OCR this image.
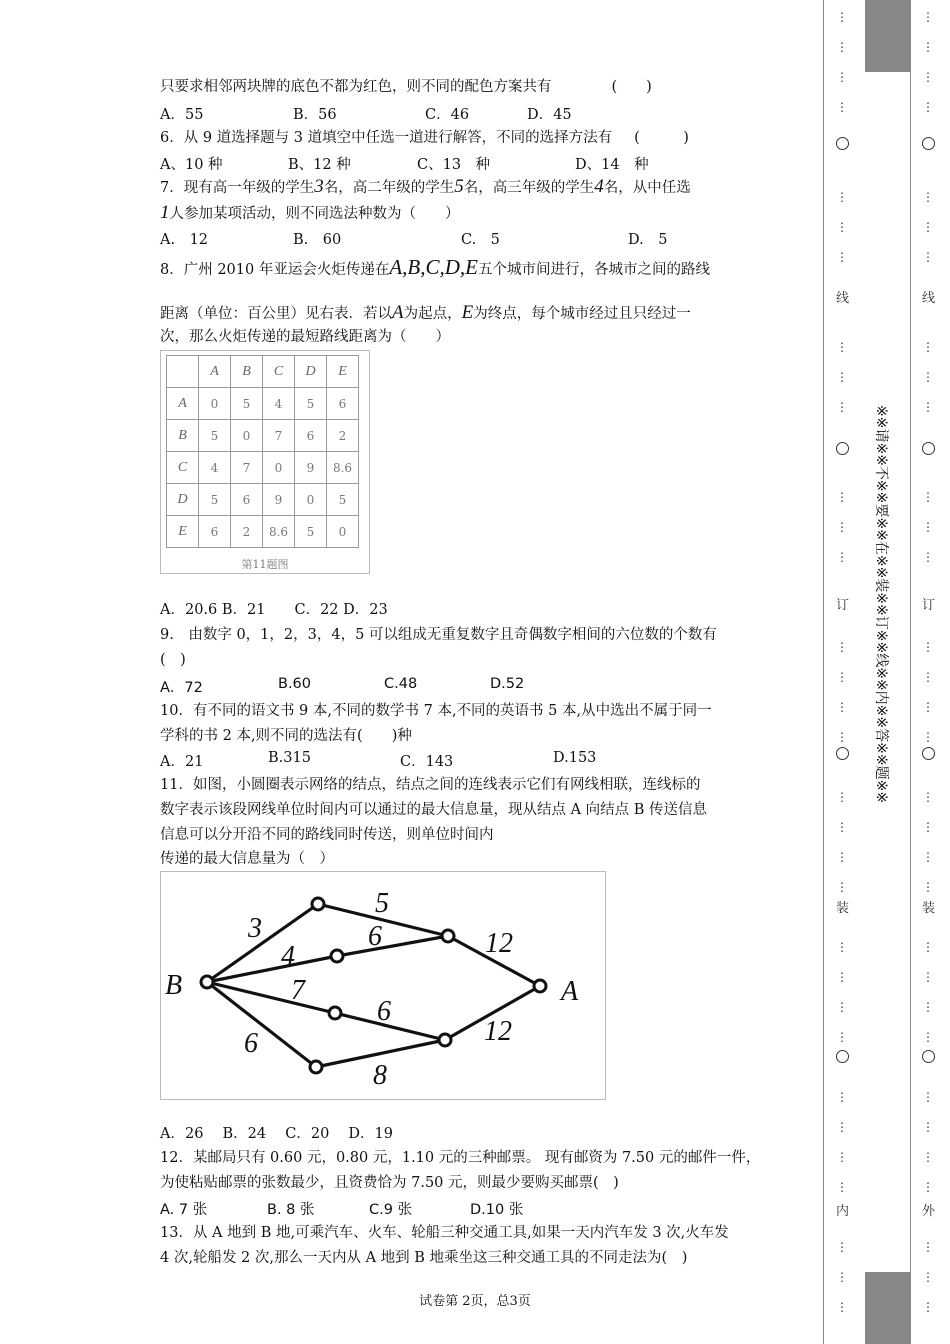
只要求相邻两块牌的底色不都为红色，则不同的配色方案共有	(　　)
A．55	B．56	C．46	D．45
6．从 9 道选择题与 3 道填空中任选一道进行解答，不同的选择方法有 (　　　)
A、10 种	B、12 种	C、13　种	D、14　种
7．现有高一年级的学生3名，高二年级的学生5名，高三年级的学生4名，从中任选
1人参加某项活动，则不同选法种数为（　　）
A.　12	B.　60	C.　5	D.　5
8．广州 2010 年亚运会火炬传递在A,B,C,D,E五个城市间进行，各城市之间的路线
距离（单位：百公里）见右表．若以A为起点，E为终点，每个城市经过且只经过一
次，那么火炬传递的最短路线距离为（　　）
	A	B	C	D	E
A	0	5	4	5	6
B	5	0	7	6	2
C	4	7	0	9	8.6
D	5	6	9	0	5
E	6	2	8.6	5	0
第11题图
A．20.6 B．21　　C．22 D．23
9.　由数字 0，1，2，3，4，5 可以组成无重复数字且奇偶数字相间的六位数的个数有
(　)
A．72	B.60	C.48	D.52
10．有不同的语文书 9 本,不同的数学书 7 本,不同的英语书 5 本,从中选出不属于同一
学科的书 2 本,则不同的选法有(　　)种
A．21	B.315	C．143	D.153
11．如图，小圆圈表示网络的结点，结点之间的连线表示它们有网线相联，连线标的
数字表示该段网线单位时间内可以通过的最大信息量，现从结点 A 向结点 B 传送信息
信息可以分开沿不同的路线同时传送，则单位时间内
传递的最大信息量为（　）
B	A
3
5
4
6	12
7
6
12
6
8
A．26　 B．24　 C．20　 D．19
12．某邮局只有 0.60 元，0.80 元，1.10 元的三种邮票。 现有邮资为 7.50 元的邮件一件，
为使粘贴邮票的张数最少，且资费恰为 7.50 元，则最少要购买邮票(　)
A. 7 张	B. 8 张	C.9 张	D.10 张
13．从 A 地到 B 地,可乘汽车、火车、轮船三种交通工具,如果一天内汽车发 3 次,火车发
4 次,轮船发 2 次,那么一天内从 A 地到 B 地乘坐这三种交通工具的不同走法为(　)
试卷第 2页，总3页
⋮
⋮
⋮
⋮
⋮
⋮
⋮
⋮
⋮
⋮
⋮
⋮
⋮
⋮
⋮
⋮
⋮
⋮
⋮
⋮
⋮
⋮
⋮
⋮
⋮
⋮
⋮
⋮
⋮
⋮
⋮
⋮
⋮
⋮
⋮
⋮
⋮
⋮
⋮
⋮
⋮
⋮
⋮
⋮
⋮
⋮
⋮
⋮
⋮
⋮
⋮
⋮
⋮
⋮
⋮
⋮
⋮
⋮
⋮
⋮
⋮
⋮
⋮
⋮
线
订
装
内
※※请※※不※※要※※在※※装※※订※※线※※内※※答※※题※※
线
订
装
外
